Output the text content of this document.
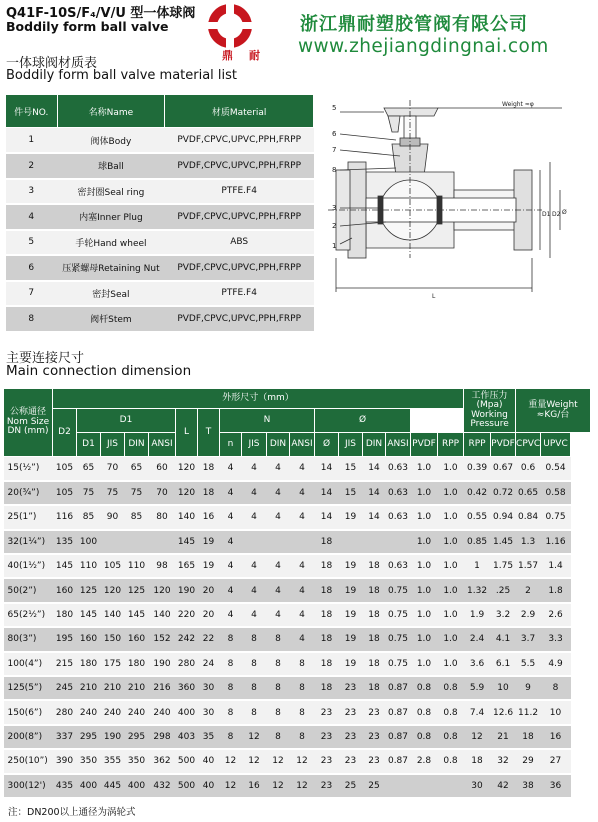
Q41F-10S/F₄/V/U 型一体球阀
Boddily form ball valve
鼎耐
浙江鼎耐塑胶管阀有限公司
www.zhejiangdingnai.com
一体球阀材质表
Boddily form ball valve material list
件号NO.	名称Name	材质Material
1	阀体Body	PVDF,CPVC,UPVC,PPH,FRPP
2	球Ball	PVDF,CPVC,UPVC,PPH,FRPP
3	密封圈Seal ring	PTFE.F4
4	内塞Inner Plug	PVDF,CPVC,UPVC,PPH,FRPP
5	手轮Hand wheel	ABS
6	压紧螺母Retaining Nut	PVDF,CPVC,UPVC,PPH,FRPP
7	密封Seal	PTFE.F4
8	阀杆Stem	PVDF,CPVC,UPVC,PPH,FRPP
5
6
7
8
3
2
1
Weight ≈φ
D2
D1 Ø
L
主要连接尺寸
Main connection dimension
公称通径 Nom Size DN (mm)	外形尺寸（mm）																	工作压力 (Mpa) Working Pressure		重量Weight ≈KG/台	
	D2	D1				L	T	N				Ø									
		D1	JIS	DIN	ANSI			n	JIS	DIN	ANSI	Ø	JIS	DIN	ANSI	PVDF	RPP	RPP	PVDF	CPVC	UPVC
15(½”)	105	65	70	65	60	120	18	4	4	4	4	14	15	14	0.63	1.0	1.0	0.39	0.67	0.6	0.54
20(¾”)	105	75	75	75	70	120	18	4	4	4	4	14	15	14	0.63	1.0	1.0	0.42	0.72	0.65	0.58
25(1”)	116	85	90	85	80	140	16	4	4	4	4	14	19	14	0.63	1.0	1.0	0.55	0.94	0.84	0.75
32(1¼”)	135	100				145	19	4				18				1.0	1.0	0.85	1.45	1.3	1.16
40(1½”)	145	110	105	110	98	165	19	4	4	4	4	18	19	18	0.63	1.0	1.0	1	1.75	1.57	1.4
50(2”)	160	125	120	125	120	190	20	4	4	4	4	18	19	18	0.75	1.0	1.0	1.32	.25	2	1.8
65(2½”)	180	145	140	145	140	220	20	4	4	4	4	18	19	18	0.75	1.0	1.0	1.9	3.2	2.9	2.6
80(3”)	195	160	150	160	152	242	22	8	8	8	4	18	19	18	0.75	1.0	1.0	2.4	4.1	3.7	3.3
100(4”)	215	180	175	180	190	280	24	8	8	8	8	18	19	18	0.75	1.0	1.0	3.6	6.1	5.5	4.9
125(5”)	245	210	210	210	216	360	30	8	8	8	8	18	23	18	0.87	0.8	0.8	5.9	10	9	8
150(6”)	280	240	240	240	240	400	30	8	8	8	8	23	23	23	0.87	0.8	0.8	7.4	12.6	11.2	10
200(8”)	337	295	190	295	298	403	35	8	12	8	8	23	23	23	0.87	0.8	0.8	12	21	18	16
250(10”)	390	350	355	350	362	500	40	12	12	12	12	23	23	23	0.87	2.8	0.8	18	32	29	27
300(12')	435	400	445	400	432	500	40	12	16	12	12	23	25	25				30	42	38	36
注：DN200以上通径为涡轮式
